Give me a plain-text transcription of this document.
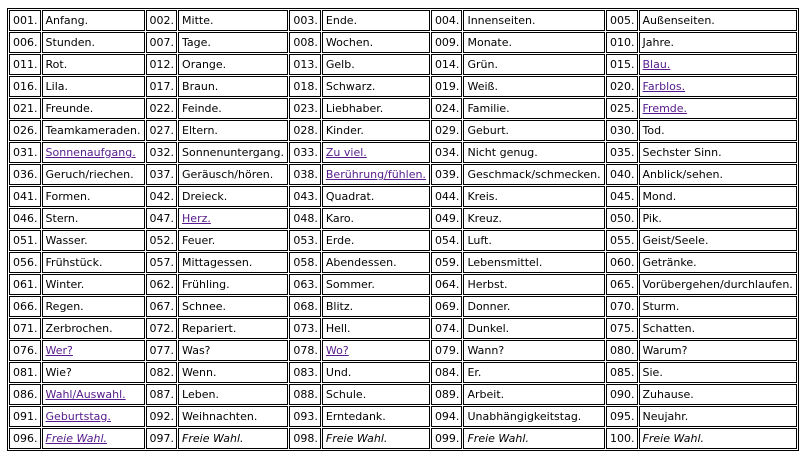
001.	Anfang.	002.	Mitte.	003.	Ende.	004.	Innenseiten.	005.	Außenseiten.
006.	Stunden.	007.	Tage.	008.	Wochen.	009.	Monate.	010.	Jahre.
011.	Rot.	012.	Orange.	013.	Gelb.	014.	Grün.	015.	Blau.
016.	Lila.	017.	Braun.	018.	Schwarz.	019.	Weiß.	020.	Farblos.
021.	Freunde.	022.	Feinde.	023.	Liebhaber.	024.	Familie.	025.	Fremde.
026.	Teamkameraden.	027.	Eltern.	028.	Kinder.	029.	Geburt.	030.	Tod.
031.	Sonnenaufgang.	032.	Sonnenuntergang.	033.	Zu viel.	034.	Nicht genug.	035.	Sechster Sinn.
036.	Geruch/riechen.	037.	Geräusch/hören.	038.	Berührung/fühlen.	039.	Geschmack/schmecken.	040.	Anblick/sehen.
041.	Formen.	042.	Dreieck.	043.	Quadrat.	044.	Kreis.	045.	Mond.
046.	Stern.	047.	Herz.	048.	Karo.	049.	Kreuz.	050.	Pik.
051.	Wasser.	052.	Feuer.	053.	Erde.	054.	Luft.	055.	Geist/Seele.
056.	Frühstück.	057.	Mittagessen.	058.	Abendessen.	059.	Lebensmittel.	060.	Getränke.
061.	Winter.	062.	Frühling.	063.	Sommer.	064.	Herbst.	065.	Vorübergehen/durchlaufen.
066.	Regen.	067.	Schnee.	068.	Blitz.	069.	Donner.	070.	Sturm.
071.	Zerbrochen.	072.	Repariert.	073.	Hell.	074.	Dunkel.	075.	Schatten.
076.	Wer?	077.	Was?	078.	Wo?	079.	Wann?	080.	Warum?
081.	Wie?	082.	Wenn.	083.	Und.	084.	Er.	085.	Sie.
086.	Wahl/Auswahl.	087.	Leben.	088.	Schule.	089.	Arbeit.	090.	Zuhause.
091.	Geburtstag.	092.	Weihnachten.	093.	Erntedank.	094.	Unabhängigkeitstag.	095.	Neujahr.
096.	Freie Wahl.	097.	Freie Wahl.	098.	Freie Wahl.	099.	Freie Wahl.	100.	Freie Wahl.
